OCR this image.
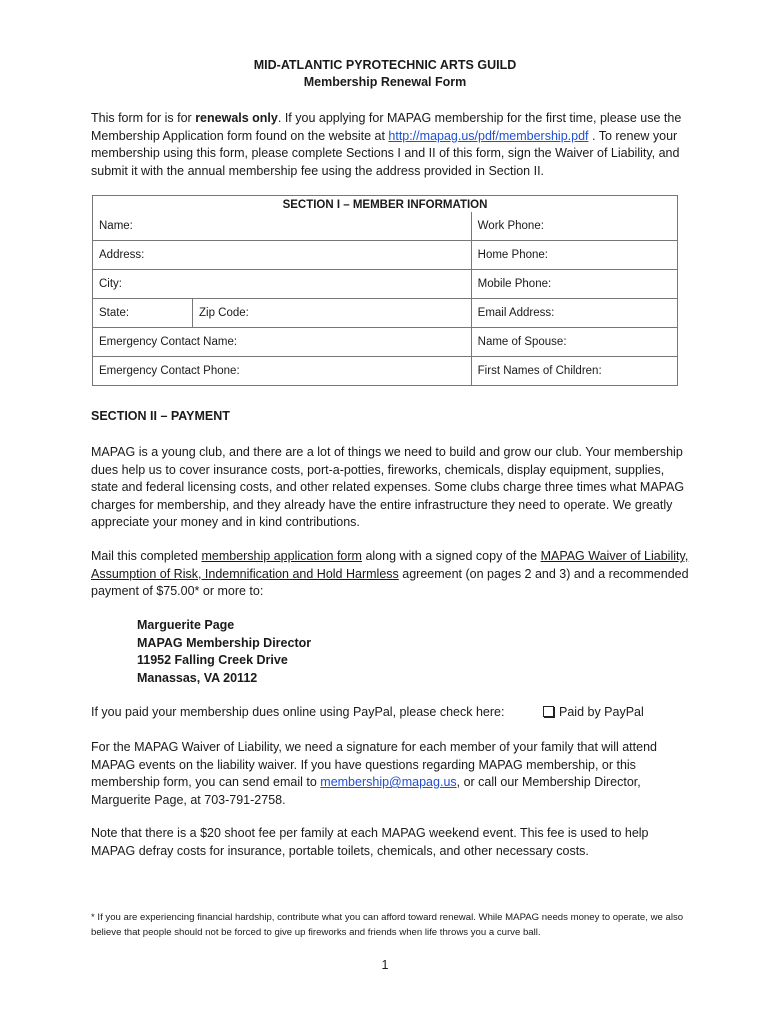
MID-ATLANTIC PYROTECHNIC ARTS GUILD
Membership Renewal Form
This form for is for renewals only. If you applying for MAPAG membership for the first time, please use the Membership Application form found on the website at http://mapag.us/pdf/membership.pdf . To renew your membership using this form, please complete Sections I and II of this form, sign the Waiver of Liability, and submit it with the annual membership fee using the address provided in Section II.
SECTION I – MEMBER INFORMATION		
Name:		Work Phone:
Address:		Home Phone:
City:		Mobile Phone:
State:	Zip Code:	Email Address:
Emergency Contact Name:		Name of Spouse:
Emergency Contact Phone:		First Names of Children:
SECTION II – PAYMENT
MAPAG is a young club, and there are a lot of things we need to build and grow our club. Your membership dues help us to cover insurance costs, port-a-potties, fireworks, chemicals, display equipment, supplies, state and federal licensing costs, and other related expenses. Some clubs charge three times what MAPAG charges for membership, and they already have the entire infrastructure they need to operate. We greatly appreciate your money and in kind contributions.
Mail this completed membership application form along with a signed copy of the MAPAG Waiver of Liability, Assumption of Risk, Indemnification and Hold Harmless agreement (on pages 2 and 3) and a recommended payment of $75.00* or more to:
Marguerite Page
MAPAG Membership Director
11952 Falling Creek Drive
Manassas, VA 20112
If you paid your membership dues online using PayPal, please check here:	Paid by PayPal
For the MAPAG Waiver of Liability, we need a signature for each member of your family that will attend MAPAG events on the liability waiver. If you have questions regarding MAPAG membership, or this membership form, you can send email to membership@mapag.us, or call our Membership Director, Marguerite Page, at 703-791-2758.
Note that there is a $20 shoot fee per family at each MAPAG weekend event. This fee is used to help MAPAG defray costs for insurance, portable toilets, chemicals, and other necessary costs.
* If you are experiencing financial hardship, contribute what you can afford toward renewal. While MAPAG needs money to operate, we also believe that people should not be forced to give up fireworks and friends when life throws you a curve ball.
1
